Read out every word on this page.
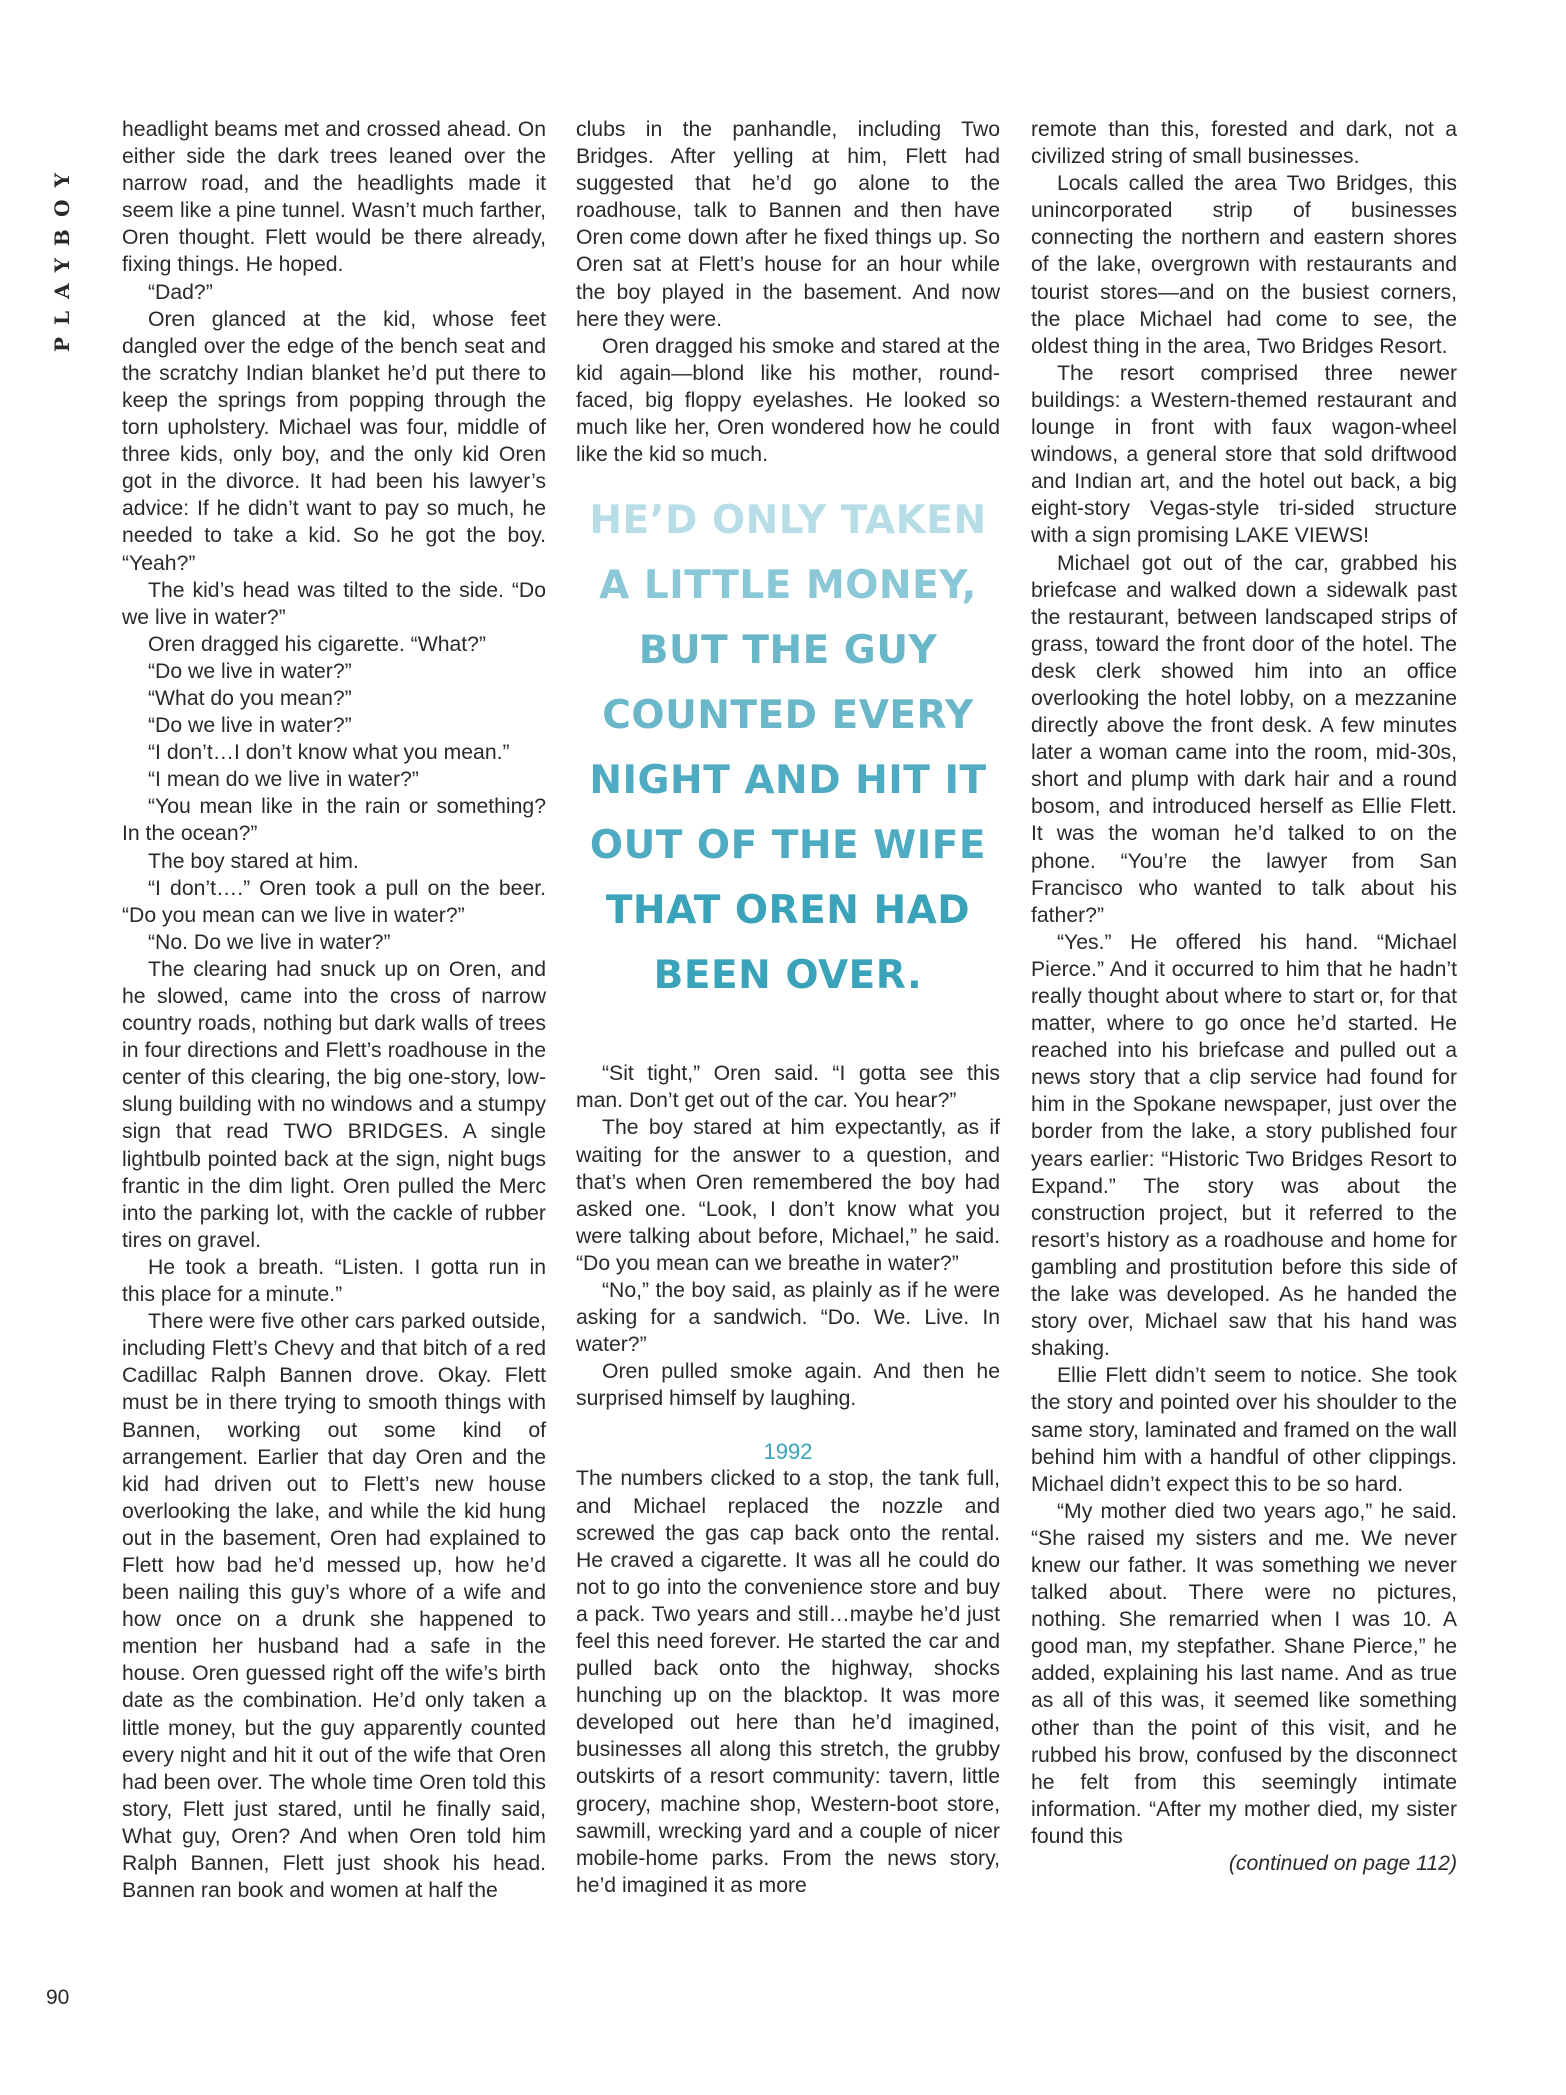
PLAYBOY
90

headlight beams met and crossed ahead. On either side the dark trees leaned over the narrow road, and the headlights made it seem like a pine tunnel. Wasn’t much farther, Oren thought. Flett would be there already, fixing things. He hoped.

“Dad?”

Oren glanced at the kid, whose feet dangled over the edge of the bench seat and the scratchy Indian blanket he’d put there to keep the springs from popping through the torn upholstery. Michael was four, middle of three kids, only boy, and the only kid Oren got in the divorce. It had been his lawyer’s advice: If he didn’t want to pay so much, he needed to take a kid. So he got the boy. “Yeah?”

The kid’s head was tilted to the side. “Do we live in water?”

Oren dragged his cigarette. “What?”

“Do we live in water?”

“What do you mean?”

“Do we live in water?”

“I don’t…I don’t know what you mean.”

“I mean do we live in water?”

“You mean like in the rain or something? In the ocean?”

The boy stared at him.

“I don’t….” Oren took a pull on the beer. “Do you mean can we live in water?”

“No. Do we live in water?”

The clearing had snuck up on Oren, and he slowed, came into the cross of narrow country roads, nothing but dark walls of trees in four directions and Flett’s roadhouse in the center of this clearing, the big one-story, low-slung building with no windows and a stumpy sign that read TWO BRIDGES. A single lightbulb pointed back at the sign, night bugs frantic in the dim light. Oren pulled the Merc into the parking lot, with the cackle of rubber tires on gravel.

He took a breath. “Listen. I gotta run in this place for a minute.”

There were five other cars parked outside, including Flett’s Chevy and that bitch of a red Cadillac Ralph Bannen drove. Okay. Flett must be in there trying to smooth things with Bannen, working out some kind of arrangement. Earlier that day Oren and the kid had driven out to Flett’s new house overlooking the lake, and while the kid hung out in the basement, Oren had explained to Flett how bad he’d messed up, how he’d been nailing this guy’s whore of a wife and how once on a drunk she happened to mention her husband had a safe in the house. Oren guessed right off the wife’s birth date as the combination. He’d only taken a little money, but the guy apparently counted every night and hit it out of the wife that Oren had been over. The whole time Oren told this story, Flett just stared, until he finally said, What guy, Oren? And when Oren told him Ralph Bannen, Flett just shook his head. Bannen ran book and women at half the

clubs in the panhandle, including Two Bridges. After yelling at him, Flett had suggested that he’d go alone to the roadhouse, talk to Bannen and then have Oren come down after he fixed things up. So Oren sat at Flett’s house for an hour while the boy played in the basement. And now here they were.

Oren dragged his smoke and stared at the kid again—blond like his mother, round-faced, big floppy eyelashes. He looked so much like her, Oren wondered how he could like the kid so much.

HE’D ONLY TAKEN
A LITTLE MONEY,
BUT THE GUY
COUNTED EVERY
NIGHT AND HIT IT
OUT OF THE WIFE
THAT OREN HAD
BEEN OVER.

“Sit tight,” Oren said. “I gotta see this man. Don’t get out of the car. You hear?”

The boy stared at him expectantly, as if waiting for the answer to a question, and that’s when Oren remembered the boy had asked one. “Look, I don’t know what you were talking about before, Michael,” he said. “Do you mean can we breathe in water?”

“No,” the boy said, as plainly as if he were asking for a sandwich. “Do. We. Live. In water?”

Oren pulled smoke again. And then he surprised himself by laughing.

1992

The numbers clicked to a stop, the tank full, and Michael replaced the nozzle and screwed the gas cap back onto the rental. He craved a cigarette. It was all he could do not to go into the convenience store and buy a pack. Two years and still…maybe he’d just feel this need forever. He started the car and pulled back onto the highway, shocks hunching up on the blacktop. It was more developed out here than he’d imagined, businesses all along this stretch, the grubby outskirts of a resort community: tavern, little grocery, machine shop, Western-boot store, sawmill, wrecking yard and a couple of nicer mobile-home parks. From the news story, he’d imagined it as more

remote than this, forested and dark, not a civilized string of small businesses.

Locals called the area Two Bridges, this unincorporated strip of businesses connecting the northern and eastern shores of the lake, overgrown with restaurants and tourist stores—and on the busiest corners, the place Michael had come to see, the oldest thing in the area, Two Bridges Resort.

The resort comprised three newer buildings: a Western-themed restaurant and lounge in front with faux wagon-wheel windows, a general store that sold driftwood and Indian art, and the hotel out back, a big eight-story Vegas-style tri-sided structure with a sign promising LAKE VIEWS!

Michael got out of the car, grabbed his briefcase and walked down a sidewalk past the restaurant, between landscaped strips of grass, toward the front door of the hotel. The desk clerk showed him into an office overlooking the hotel lobby, on a mezzanine directly above the front desk. A few minutes later a woman came into the room, mid-30s, short and plump with dark hair and a round bosom, and introduced herself as Ellie Flett. It was the woman he’d talked to on the phone. “You’re the lawyer from San Francisco who wanted to talk about his father?”

“Yes.” He offered his hand. “Michael Pierce.” And it occurred to him that he hadn’t really thought about where to start or, for that matter, where to go once he’d started. He reached into his briefcase and pulled out a news story that a clip service had found for him in the Spokane newspaper, just over the border from the lake, a story published four years earlier: “Historic Two Bridges Resort to Expand.” The story was about the construction project, but it referred to the resort’s history as a roadhouse and home for gambling and prostitution before this side of the lake was developed. As he handed the story over, Michael saw that his hand was shaking.

Ellie Flett didn’t seem to notice. She took the story and pointed over his shoulder to the same story, laminated and framed on the wall behind him with a handful of other clippings. Michael didn’t expect this to be so hard.

“My mother died two years ago,” he said. “She raised my sisters and me. We never knew our father. It was something we never talked about. There were no pictures, nothing. She remarried when I was 10. A good man, my stepfather. Shane Pierce,” he added, explaining his last name. And as true as all of this was, it seemed like something other than the point of this visit, and he rubbed his brow, confused by the disconnect he felt from this seemingly intimate information. “After my mother died, my sister found this

(continued on page 112)
